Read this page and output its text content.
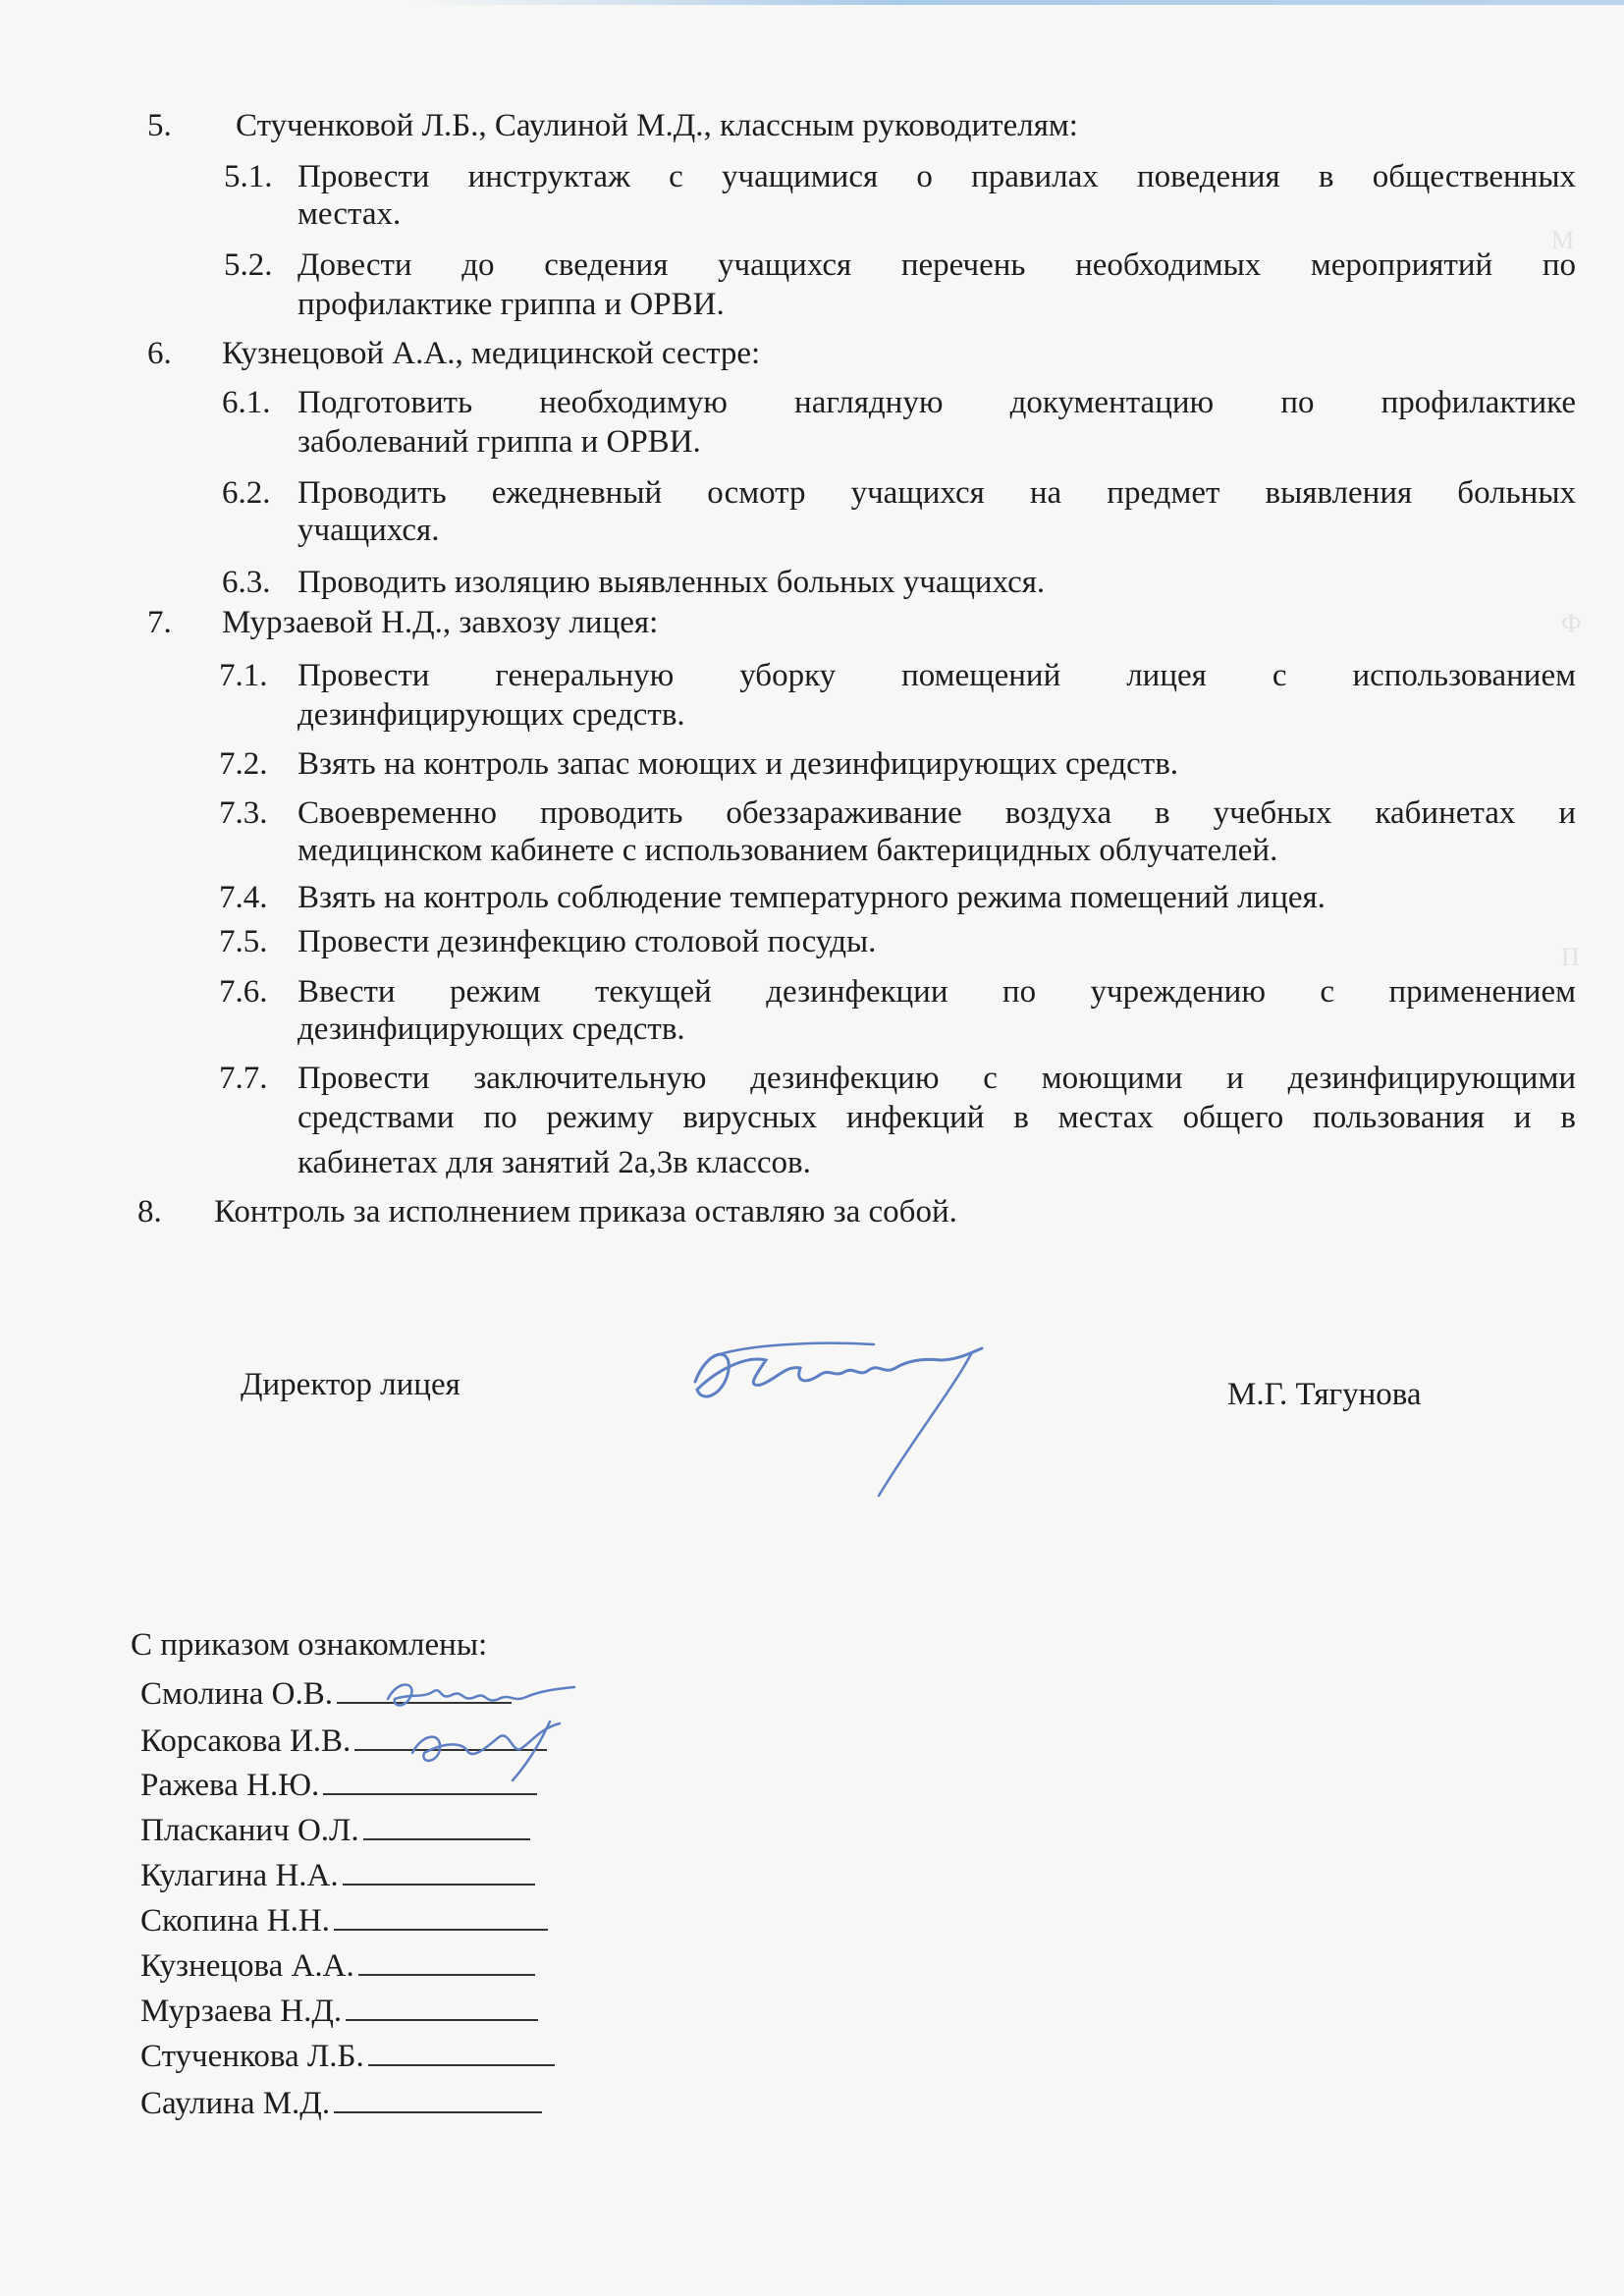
М
Ф
П
5. Стученковой Л.Б., Саулиной М.Д., классным руководителям:
5.1. Провести инструктаж с учащимися о правилах поведения в общественных
местах.
5.2. Довести до сведения учащихся перечень необходимых мероприятий по
профилактике гриппа и ОРВИ.
6. Кузнецовой А.А., медицинской сестре:
6.1. Подготовить необходимую наглядную документацию по профилактике
заболеваний гриппа и ОРВИ.
6.2. Проводить ежедневный осмотр учащихся на предмет выявления больных
учащихся.
6.3. Проводить изоляцию выявленных больных учащихся.
7. Мурзаевой Н.Д., завхозу лицея:
7.1. Провести генеральную уборку помещений лицея с использованием
дезинфицирующих средств.
7.2. Взять на контроль запас моющих и дезинфицирующих средств.
7.3. Своевременно проводить обеззараживание воздуха в учебных кабинетах и
медицинском кабинете с использованием бактерицидных облучателей.
7.4. Взять на контроль соблюдение температурного режима помещений лицея.
7.5. Провести дезинфекцию столовой посуды.
7.6. Ввести режим текущей дезинфекции по учреждению с применением
дезинфицирующих средств.
7.7. Провести заключительную дезинфекцию с моющими и дезинфицирующими
средствами по режиму вирусных инфекций в местах общего пользования и в
кабинетах для занятий 2а,3в классов.
8. Контроль за исполнением приказа оставляю за собой.
Директор лицея	М.Г. Тягунова
С приказом ознакомлены:
Смолина О.В.
Корсакова И.В.
Ражева Н.Ю.
Пласканич О.Л.
Кулагина Н.А.
Скопина Н.Н.
Кузнецова А.А.
Мурзаева Н.Д.
Стученкова Л.Б.
Саулина М.Д.
